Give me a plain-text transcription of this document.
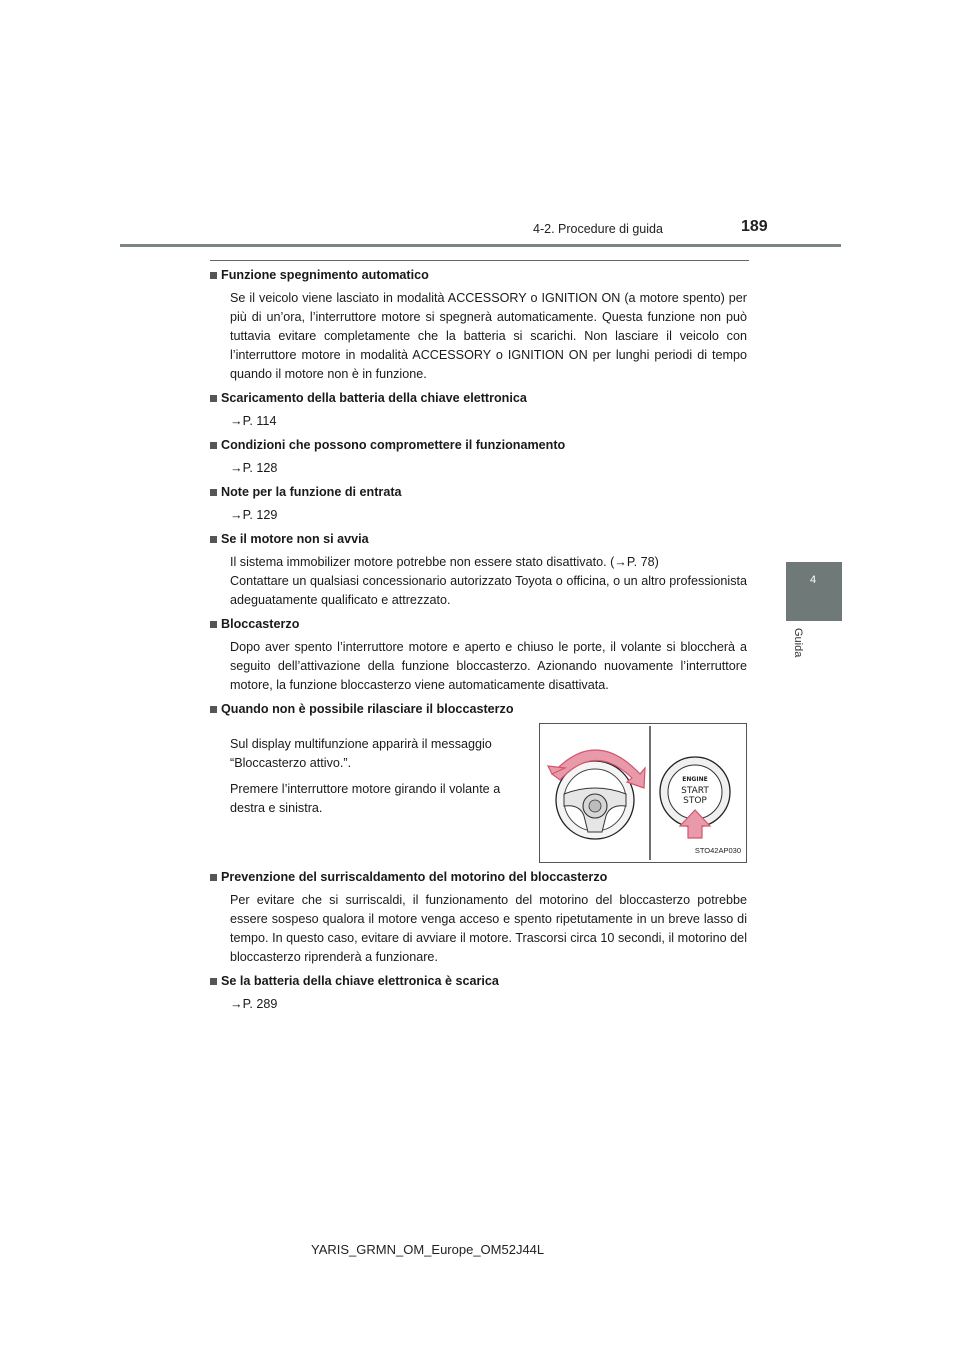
4-2. Procedure di guida	189
4
Guida

Funzione spegnimento automatico

Se il veicolo viene lasciato in modalità ACCESSORY o IGNITION ON (a motore spento) per più di un’ora, l’interruttore motore si spegnerà automaticamente. Questa funzione non può tuttavia evitare completamente che la batteria si scarichi. Non lasciare il veicolo con l’interruttore motore in modalità ACCESSORY o IGNITION ON per lunghi periodi di tempo quando il motore non è in funzione.

Scaricamento della batteria della chiave elettronica

→P. 114

Condizioni che possono compromettere il funzionamento

→P. 128

Note per la funzione di entrata

→P. 129

Se il motore non si avvia

Il sistema immobilizer motore potrebbe non essere stato disattivato. (→P. 78)
Contattare un qualsiasi concessionario autorizzato Toyota o officina, o un altro professionista adeguatamente qualificato e attrezzato.

Bloccasterzo

Dopo aver spento l’interruttore motore e aperto e chiuso le porte, il volante si bloccherà a seguito dell’attivazione della funzione bloccasterzo. Azionando nuovamente l’interruttore motore, la funzione bloccasterzo viene automaticamente disattivata.

Quando non è possibile rilasciare il bloccasterzo

Sul display multifunzione apparirà il messaggio “Bloccasterzo attivo.”.

Premere l’interruttore motore girando il volante a destra e sinistra.

ENGINE
START
STOP
STO42AP030

Prevenzione del surriscaldamento del motorino del bloccasterzo

Per evitare che si surriscaldi, il funzionamento del motorino del bloccasterzo potrebbe essere sospeso qualora il motore venga acceso e spento ripetutamente in un breve lasso di tempo. In questo caso, evitare di avviare il motore. Trascorsi circa 10 secondi, il motorino del bloccasterzo riprenderà a funzionare.

Se la batteria della chiave elettronica è scarica

→P. 289

YARIS_GRMN_OM_Europe_OM52J44L
